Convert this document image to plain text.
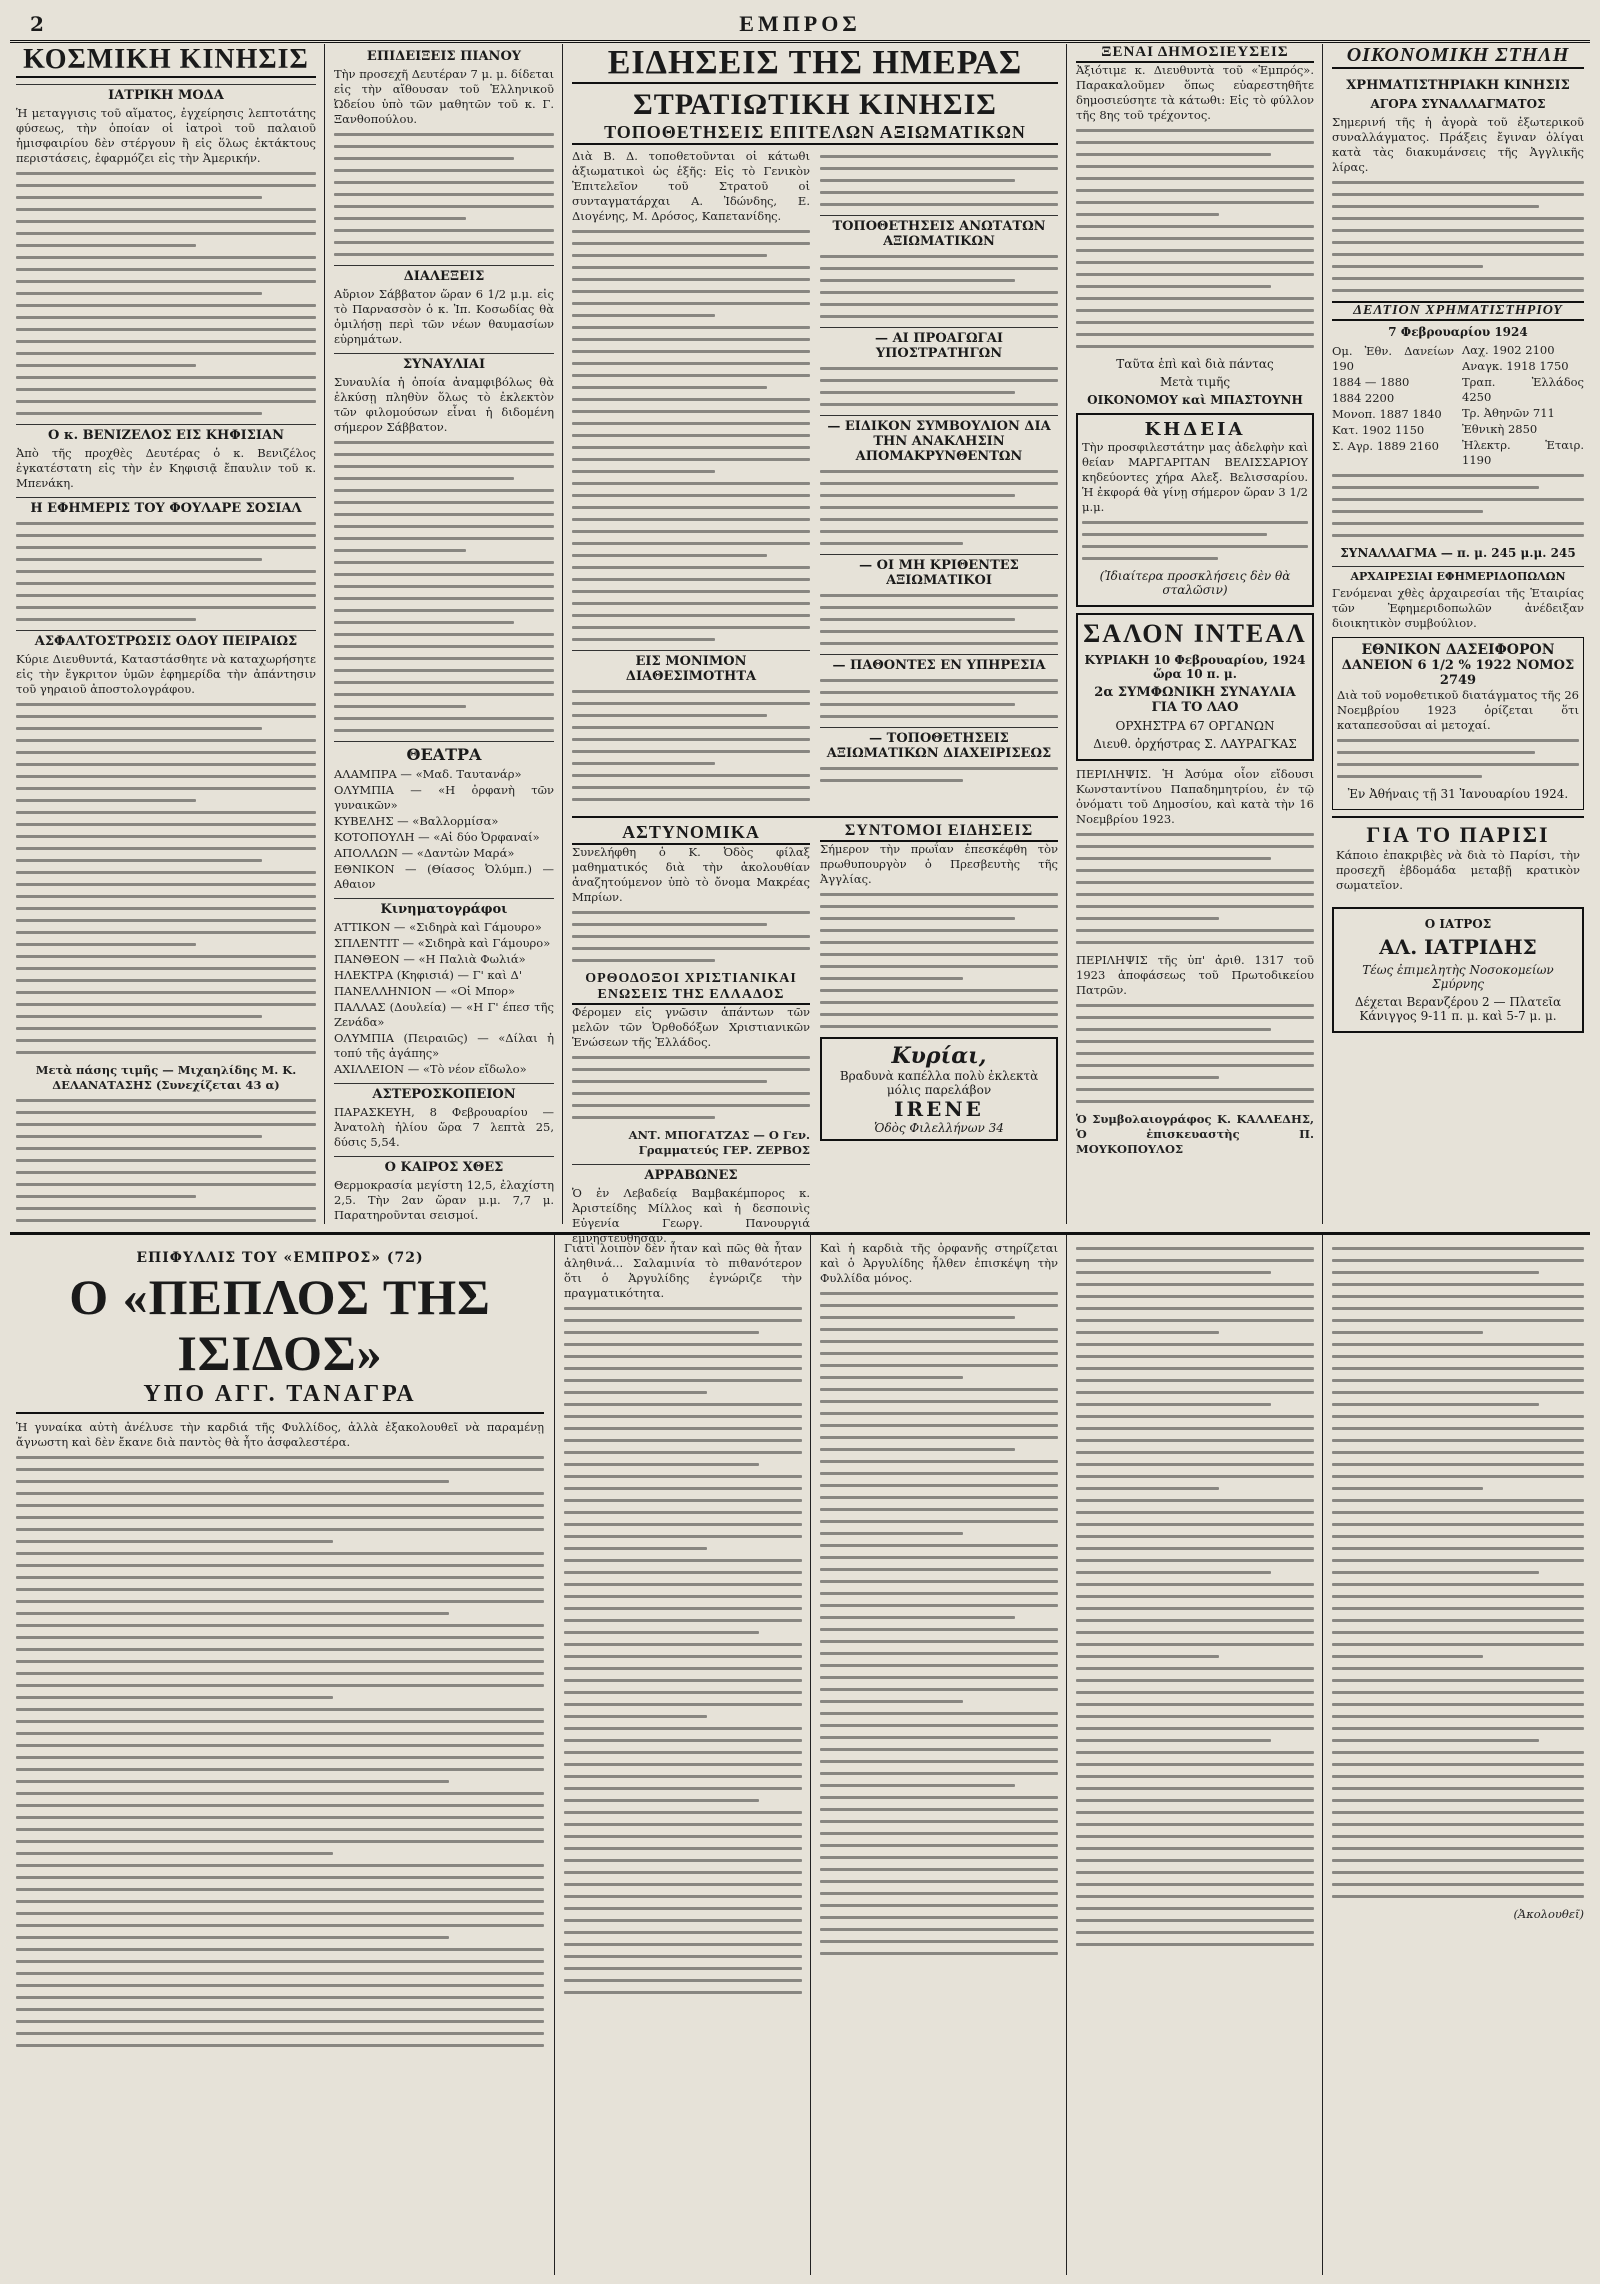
2	ΕΜΠΡΟΣ
ΚΟΣΜΙΚΗ ΚΙΝΗΣΙΣ
ΙΑΤΡΙΚΗ ΜΟΔΑ

Ἡ μεταγγισις τοῦ αἵματος, ἐγχείρησις λεπτοτάτης φύσεως, τὴν ὁποίαν οἱ ἰατροὶ τοῦ παλαιοῦ ἡμισφαιρίου δὲν στέργουν ἢ εἰς ὅλως ἐκτάκτους περιστάσεις, ἐφαρμόζει εἰς τὴν Ἀμερικήν.

Ο κ. ΒΕΝΙΖΕΛΟΣ ΕΙΣ ΚΗΦΙΣΙΑΝ

Ἀπὸ τῆς προχθὲς Δευτέρας ὁ κ. Βενιζέλος ἐγκατέστατη εἰς τὴν ἐν Κηφισιᾷ ἔπαυλιν τοῦ κ. Μπενάκη.

Η ΕΦΗΜΕΡΙΣ ΤΟΥ ΦΟΥΛΑΡΕ ΣΟΣΙΑΛ
ΑΣΦΑΛΤΟΣΤΡΩΣΙΣ ΟΔΟΥ ΠΕΙΡΑΙΩΣ

Κύριε Διευθυντά, Καταστάσθητε νὰ καταχωρήσητε εἰς τὴν ἔγκριτον ὑμῶν ἐφημερίδα τὴν ἀπάντησιν τοῦ γηραιοῦ ἀποστολογράφου.

Μετὰ πάσης τιμῆς — Μιχαηλίδης Μ. Κ. ΔΕΛΑΝΑΤΑΣΗΣ (Συνεχίζεται 43 α)

ΕΠΙΔΕΙΞΕΙΣ ΠΙΑΝΟΥ

Τὴν προσεχῆ Δευτέραν 7 μ. μ. δίδεται εἰς τὴν αἴθουσαν τοῦ Ἑλληνικοῦ Ὠδείου ὑπὸ τῶν μαθητῶν τοῦ κ. Γ. Ξανθοπούλου.

ΔΙΑΛΕΞΕΙΣ

Αὔριον Σάββατον ὥραν 6 1/2 μ.μ. εἰς τὸ Παρνασσὸν ὁ κ. Ἰπ. Κοσωδίας θὰ ὁμιλήσῃ περὶ τῶν νέων θαυμασίων εὑρημάτων.

ΣΥΝΑΥΛΙΑΙ

Συναυλία ἡ ὁποία ἀναμφιβόλως θὰ ἑλκύσῃ πληθὺν ὅλως τὸ ἐκλεκτὸν τῶν φιλομούσων εἶναι ἡ διδομένη σήμερον Σάββατον.

ΘΕΑΤΡΑ
ΑΛΑΜΠΡΑ — «Μαδ. Ταυτανάρ»
ΟΛΥΜΠΙΑ — «Η ὀρφανὴ τῶν γυναικῶν»
ΚΥΒΕΛΗΣ — «Βαλλορμίσα»
ΚΟΤΟΠΟΥΛΗ — «Αἱ δύο Ὀρφαναί»
ΑΠΟΛΛΩΝ — «Δαντὼν Μαρά»
ΕΘΝΙΚΟΝ — (Θίασος Ὀλύμπ.) — Αθαιον
Κινηματογράφοι
ΑΤΤΙΚΟΝ — «Σιδηρὰ καὶ Γάμουρο»
ΣΠΛΕΝΤΙΤ — «Σιδηρὰ καὶ Γάμουρο»
ΠΑΝΘΕΟΝ — «Η Παλιὰ Φωλιά»
ΗΛΕΚΤΡΑ (Κηφισιά) — Γ' καὶ Δ'
ΠΑΝΕΛΛΗΝΙΟΝ — «Οἱ Μπορ»
ΠΑΛΛΑΣ (Δουλεία) — «Η Γ' έπεσ τῆς Ζενάδα»
ΟΛΥΜΠΙΑ (Πειραιῶς) — «Δίλαι ἡ τοπύ τῆς ἀγάπης»
ΑΧΙΛΛΕΙΟΝ — «Τὸ νέον εἴδωλο»
ΑΣΤΕΡΟΣΚΟΠΕΙΟΝ

ΠΑΡΑΣΚΕΥΗ, 8 Φεβρουαρίου — Ἀνατολὴ ἡλίου ὥρα 7 λεπτὰ 25, δύσις 5,54.

Ο ΚΑΙΡΟΣ ΧΘΕΣ

Θερμοκρασία μεγίστη 12,5, ἐλαχίστη 2,5. Τὴν 2αν ὥραν μ.μ. 7,7 μ. Παρατηροῦνται σεισμοί.

ΕΙΔΗΣΕΙΣ ΤΗΣ ΗΜΕΡΑΣ
ΣΤΡΑΤΙΩΤΙΚΗ ΚΙΝΗΣΙΣ
ΤΟΠΟΘΕΤΗΣΕΙΣ ΕΠΙΤΕΛΩΝ ΑΞΙΩΜΑΤΙΚΩΝ

Διὰ Β. Δ. τοποθετοῦνται οἱ κάτωθι ἀξιωματικοὶ ὡς ἑξῆς: Εἰς τὸ Γενικὸν Ἐπιτελεῖον τοῦ Στρατοῦ οἱ συνταγματάρχαι Α. Ἰδώνδης, Ε. Διογένης, Μ. Δρόσος, Καπετανίδης.

ΕΙΣ ΜΟΝΙΜΟΝ ΔΙΑΘΕΣΙΜΟΤΗΤΑ
ΤΟΠΟΘΕΤΗΣΕΙΣ ΑΝΩΤΑΤΩΝ ΑΞΙΩΜΑΤΙΚΩΝ
— ΑΙ ΠΡΟΑΓΩΓΑΙ ΥΠΟΣΤΡΑΤΗΓΩΝ
— ΕΙΔΙΚΟΝ ΣΥΜΒΟΥΛΙΟΝ ΔΙΑ ΤΗΝ ΑΝΑΚΛΗΣΙΝ ΑΠΟΜΑΚΡΥΝΘΕΝΤΩΝ
— ΟΙ ΜΗ ΚΡΙΘΕΝΤΕΣ ΑΞΙΩΜΑΤΙΚΟΙ
— ΠΑΘΟΝΤΕΣ ΕΝ ΥΠΗΡΕΣΙΑ
— ΤΟΠΟΘΕΤΗΣΕΙΣ ΑΞΙΩΜΑΤΙΚΩΝ ΔΙΑΧΕΙΡΙΣΕΩΣ
ΑΣΤΥΝΟΜΙΚΑ

Συνελήφθη ὁ Κ. Ὀδὸς φίλαξ μαθηματικός διὰ τὴν ἀκολουθίαν ἀναζητούμενον ὑπὸ τὸ ὄνομα Μακρέας Μπρίων.

ΟΡΘΟΔΟΞΟΙ ΧΡΙΣΤΙΑΝΙΚΑΙ ΕΝΩΣΕΙΣ ΤΗΣ ΕΛΛΑΔΟΣ

Φέρομεν εἰς γνῶσιν ἁπάντων τῶν μελῶν τῶν Ὀρθοδόξων Χριστιανικῶν Ἑνώσεων τῆς Ἑλλάδος.

ΑΝΤ. ΜΠΟΓΑΤΖΑΣ — Ο Γεν. Γραμματεύς ΓΕΡ. ΖΕΡΒΟΣ

ΑΡΡΑΒΩΝΕΣ

Ὁ ἐν Λεβαδείᾳ Βαμβακέμπορος κ. Ἀριστείδης Μίλλος καὶ ἡ δεσποινὶς Εὐγενία Γεωργ. Πανουργιά ἐμνηστεύθησαν.

ΣΥΝΤΟΜΟΙ ΕΙΔΗΣΕΙΣ

Σήμερον τὴν πρωΐαν ἐπεσκέφθη τὸν πρωθυπουργὸν ὁ Πρεσβευτὴς τῆς Ἀγγλίας.

Κυρίαι,
Βραδυνὰ καπέλλα πολὺ ἐκλεκτὰ μόλις παρελάβον
IRENE
Ὁδὸς Φιλελλήνων 34
ΞΕΝΑΙ ΔΗΜΟΣΙΕΥΣΕΙΣ

Ἀξιότιμε κ. Διευθυντὰ τοῦ «Ἐμπρός». Παρακαλοῦμεν ὅπως εὐαρεστηθῆτε δημοσιεύσητε τὰ κάτωθι: Εἰς τὸ φύλλον τῆς 8ης τοῦ τρέχοντος.

Ταῦτα ἑπὶ καὶ διὰ πάντας
Μετὰ τιμῆς
ΟΙΚΟΝΟΜΟΥ καὶ ΜΠΑΣΤΟΥΝΗ
ΚΗΔΕΙΑ

Τὴν προσφιλεστάτην μας ἀδελφὴν καὶ θείαν ΜΑΡΓΑΡΙΤΑΝ ΒΕΛΙΣΣΑΡΙΟΥ κηδεύοντες χήρα Αλεξ. Βελισσαρίου. Ἡ ἐκφορά θὰ γίνῃ σήμερον ὥραν 3 1/2 μ.μ.

(Ἰδιαίτερα προσκλήσεις δὲν θὰ σταλῶσιν)
ΣΑΛΟΝ ΙΝΤΕΑΛ
ΚΥΡΙΑΚΗ 10 Φεβρουαρίου, 1924 ὥρα 10 π. μ.
2α ΣΥΜΦΩΝΙΚΗ ΣΥΝΑΥΛΙΑ ΓΙΑ ΤΟ ΛΑΟ
ΟΡΧΗΣΤΡΑ 67 ΟΡΓΑΝΩΝ
Διευθ. ὀρχήστρας Σ. ΛΑΥΡΑΓΚΑΣ

ΠΕΡΙΛΗΨΙΣ. Ἡ Ἀσύμα οἷον εἴδουσι Κωνσταντίνου Παπαδημητρίου, ἐν τῷ ὀνόματι τοῦ Δημοσίου, καὶ κατὰ τὴν 16 Νοεμβρίου 1923.

ΠΕΡΙΛΗΨΙΣ τῆς ὑπ' ἀριθ. 1317 τοῦ 1923 ἀποφάσεως τοῦ Πρωτοδικείου Πατρῶν.

Ὁ Συμβολαιογράφος Κ. ΚΑΛΛΕΔΗΣ, Ὁ ἐπισκευαστὴς Π. ΜΟΥΚΟΠΟΥΛΟΣ

ΟΙΚΟΝΟΜΙΚΗ ΣΤΗΛΗ
ΧΡΗΜΑΤΙΣΤΗΡΙΑΚΗ ΚΙΝΗΣΙΣ
ΑΓΟΡΑ ΣΥΝΑΛΛΑΓΜΑΤΟΣ

Σημερινή τῆς ἡ ἀγορὰ τοῦ ἐξωτερικοῦ συναλλάγματος. Πράξεις ἔγιναν ὀλίγαι κατὰ τὰς διακυμάνσεις τῆς Ἀγγλικῆς λίρας.

ΔΕΛΤΙΟΝ ΧΡΗΜΑΤΙΣΤΗΡΙΟΥ
7 Φεβρουαρίου 1924
Ομ. Ἐθν. Δανείων 190
1884 — 1880
1884 2200
Μονοπ. 1887 1840
Κατ. 1902 1150
Σ. Αγρ. 1889 2160
Λαχ. 1902 2100
Αναγκ. 1918 1750
Τραπ. Ἑλλάδος 4250
Τρ. Ἀθηνῶν 711
Ἐθνικὴ 2850
Ἠλεκτρ. Ἑταιρ. 1190
ΣΥΝΑΛΛΑΓΜΑ — π. μ. 245 μ.μ. 245
ΑΡΧΑΙΡΕΣΙΑΙ ΕΦΗΜΕΡΙΔΟΠΩΛΩΝ

Γενόμεναι χθὲς ἀρχαιρεσίαι τῆς Ἑταιρίας τῶν Ἐφημεριδοπωλῶν ἀνέδειξαν διοικητικὸν συμβούλιον.

ΕΘΝΙΚΟΝ ΔΑΣΕΙΦΟΡΟΝ
ΔΑΝΕΙΟΝ 6 1/2 % 1922 ΝΟΜΟΣ 2749

Διὰ τοῦ νομοθετικοῦ διατάγματος τῆς 26 Νοεμβρίου 1923 ὁρίζεται ὅτι καταπεσοῦσαι αἱ μετοχαί.

Ἐν Ἀθήναις τῇ 31 Ἰανουαρίου 1924.
ΓΙΑ ΤΟ ΠΑΡΙΣΙ

Κάποιο ἐπακριβὲς νὰ διὰ τὸ Παρίσι, τὴν προσεχῆ ἑβδομάδα μεταβῇ κρατικὸν σωματεῖον.

Ο ΙΑΤΡΟΣ
ΑΛ. ΙΑΤΡΙΔΗΣ
Τέως ἐπιμελητὴς Νοσοκομείων Σμύρνης
Δέχεται Βερανζέρου 2 — Πλατεῖα Κάνιγγος 9-11 π. μ. καὶ 5-7 μ. μ.
ΕΠΙΦΥΛΛΙΣ ΤΟΥ «ΕΜΠΡΟΣ» (72)
Ο «ΠΕΠΛΟΣ ΤΗΣ ΙΣΙΔΟΣ»
ΥΠΟ ΑΓΓ. ΤΑΝΑΓΡΑ

Ἡ γυναίκα αὐτὴ ἀνέλυσε τὴν καρδιά τῆς Φυλλίδος, ἀλλὰ ἐξακολουθεῖ νὰ παραμένῃ ἄγνωστη καὶ δὲν ἔκανε διὰ παντὸς θὰ ἦτο ἀσφαλεστέρα.

Γιατὶ λοιπὸν δὲν ἦταν καὶ πῶς θὰ ἦταν ἀληθινά... Σαλαμινία τὸ πιθανότερον ὅτι ὁ Ἀργυλίδης ἐγνώριζε τὴν πραγματικότητα.

Καὶ ἡ καρδιὰ τῆς ὀρφανῆς στηρίζεται καὶ ὁ Ἀργυλίδης ἦλθεν ἐπισκέψη τὴν Φυλλίδα μόνος.

(Ἀκολουθεῖ)
